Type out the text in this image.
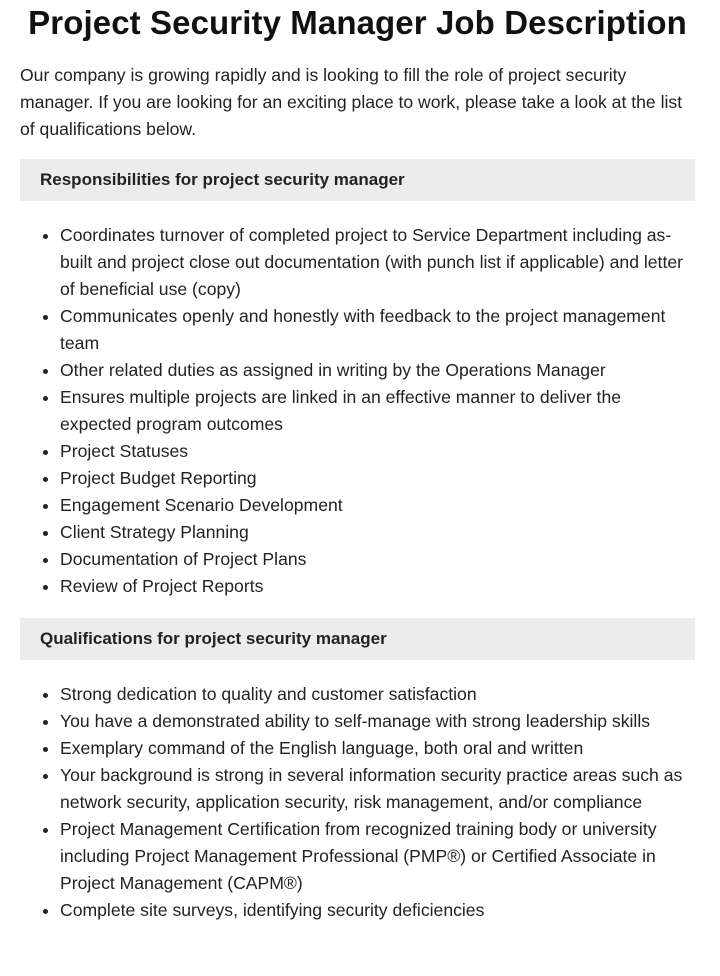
Project Security Manager Job Description

Our company is growing rapidly and is looking to fill the role of project security manager. If you are looking for an exciting place to work, please take a look at the list of qualifications below.

Responsibilities for project security manager
• Coordinates turnover of completed project to Service Department including as-built and project close out documentation (with punch list if applicable) and letter of beneficial use (copy)
• Communicates openly and honestly with feedback to the project management team
• Other related duties as assigned in writing by the Operations Manager
• Ensures multiple projects are linked in an effective manner to deliver the expected program outcomes
• Project Statuses
• Project Budget Reporting
• Engagement Scenario Development
• Client Strategy Planning
• Documentation of Project Plans
• Review of Project Reports
Qualifications for project security manager
• Strong dedication to quality and customer satisfaction
• You have a demonstrated ability to self-manage with strong leadership skills
• Exemplary command of the English language, both oral and written
• Your background is strong in several information security practice areas such as network security, application security, risk management, and/or compliance
• Project Management Certification from recognized training body or university including Project Management Professional (PMP®) or Certified Associate in Project Management (CAPM®)
• Complete site surveys, identifying security deficiencies
